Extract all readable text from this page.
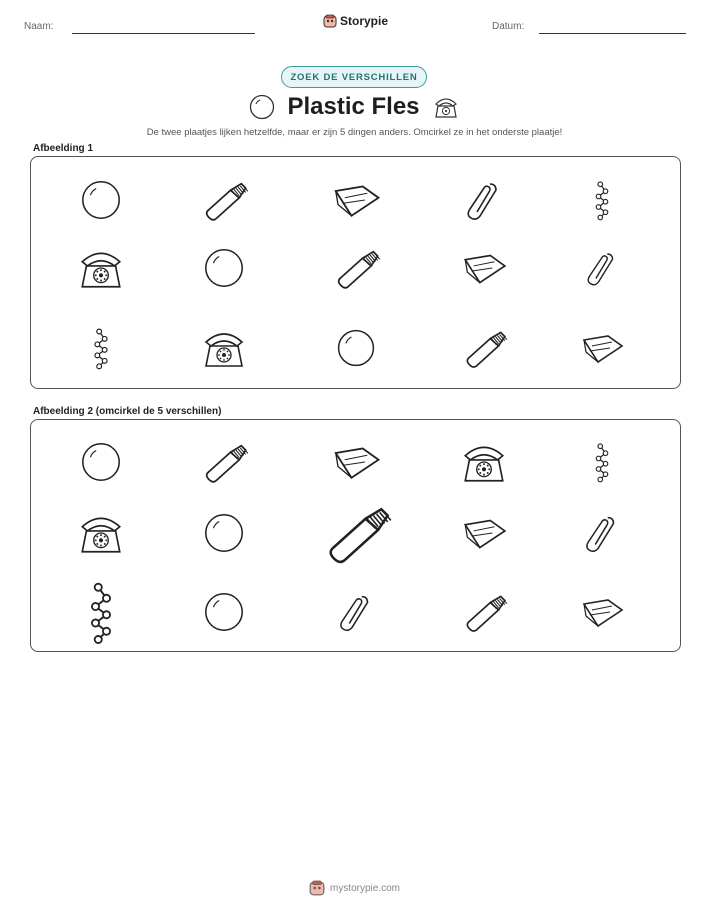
Naam:	Storypie	Datum:
ZOEK DE VERSCHILLEN
Plastic Fles
De twee plaatjes lijken hetzelfde, maar er zijn 5 dingen anders. Omcirkel ze in het onderste plaatje!
Afbeelding 1
Afbeelding 2 (omcirkel de 5 verschillen)
mystorypie.com
